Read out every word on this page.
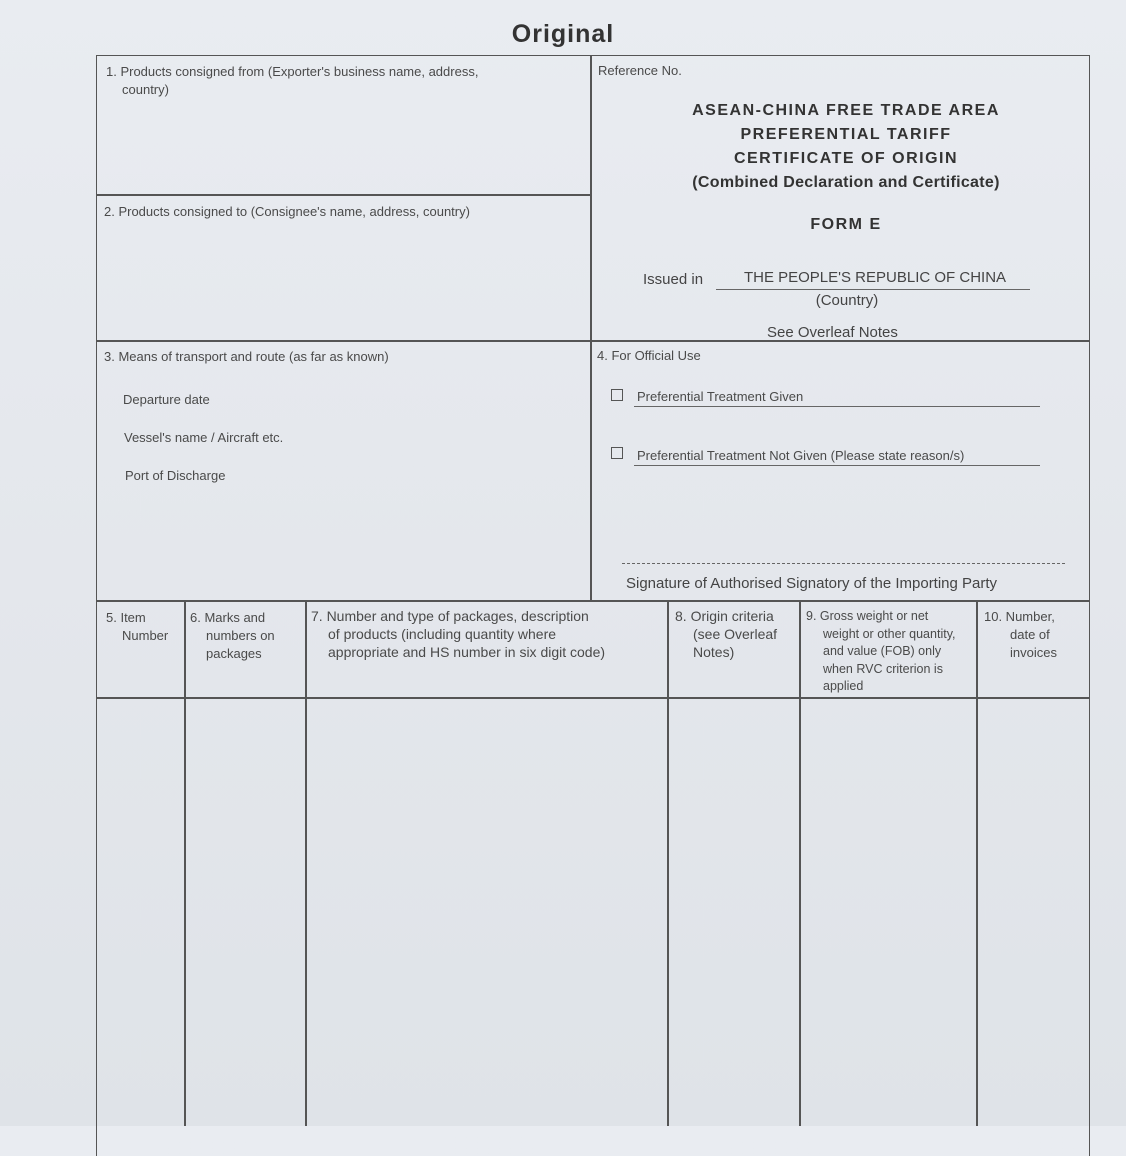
Original
1. Products consigned from (Exporter's business name, address,
country)
2. Products consigned to (Consignee's name, address, country)
Reference No.
ASEAN-CHINA FREE TRADE AREA
PREFERENTIAL TARIFF
CERTIFICATE OF ORIGIN
(Combined Declaration and Certificate)
FORM E
Issued in	THE PEOPLE'S REPUBLIC OF CHINA
(Country)
See Overleaf Notes
3. Means of transport and route (as far as known)
Departure date
Vessel's name / Aircraft etc.
Port of Discharge
4. For Official Use
Preferential Treatment Given
Preferential Treatment Not Given (Please state reason/s)
Signature of Authorised Signatory of the Importing Party
5. Item
Number
6. Marks and
numbers on
packages
7. Number and type of packages, description
of products (including quantity where
appropriate and HS number in six digit code)
8. Origin criteria
(see Overleaf
Notes)
9. Gross weight or net
weight or other quantity,
and value (FOB) only
when RVC criterion is
applied
10. Number,
date of
invoices
